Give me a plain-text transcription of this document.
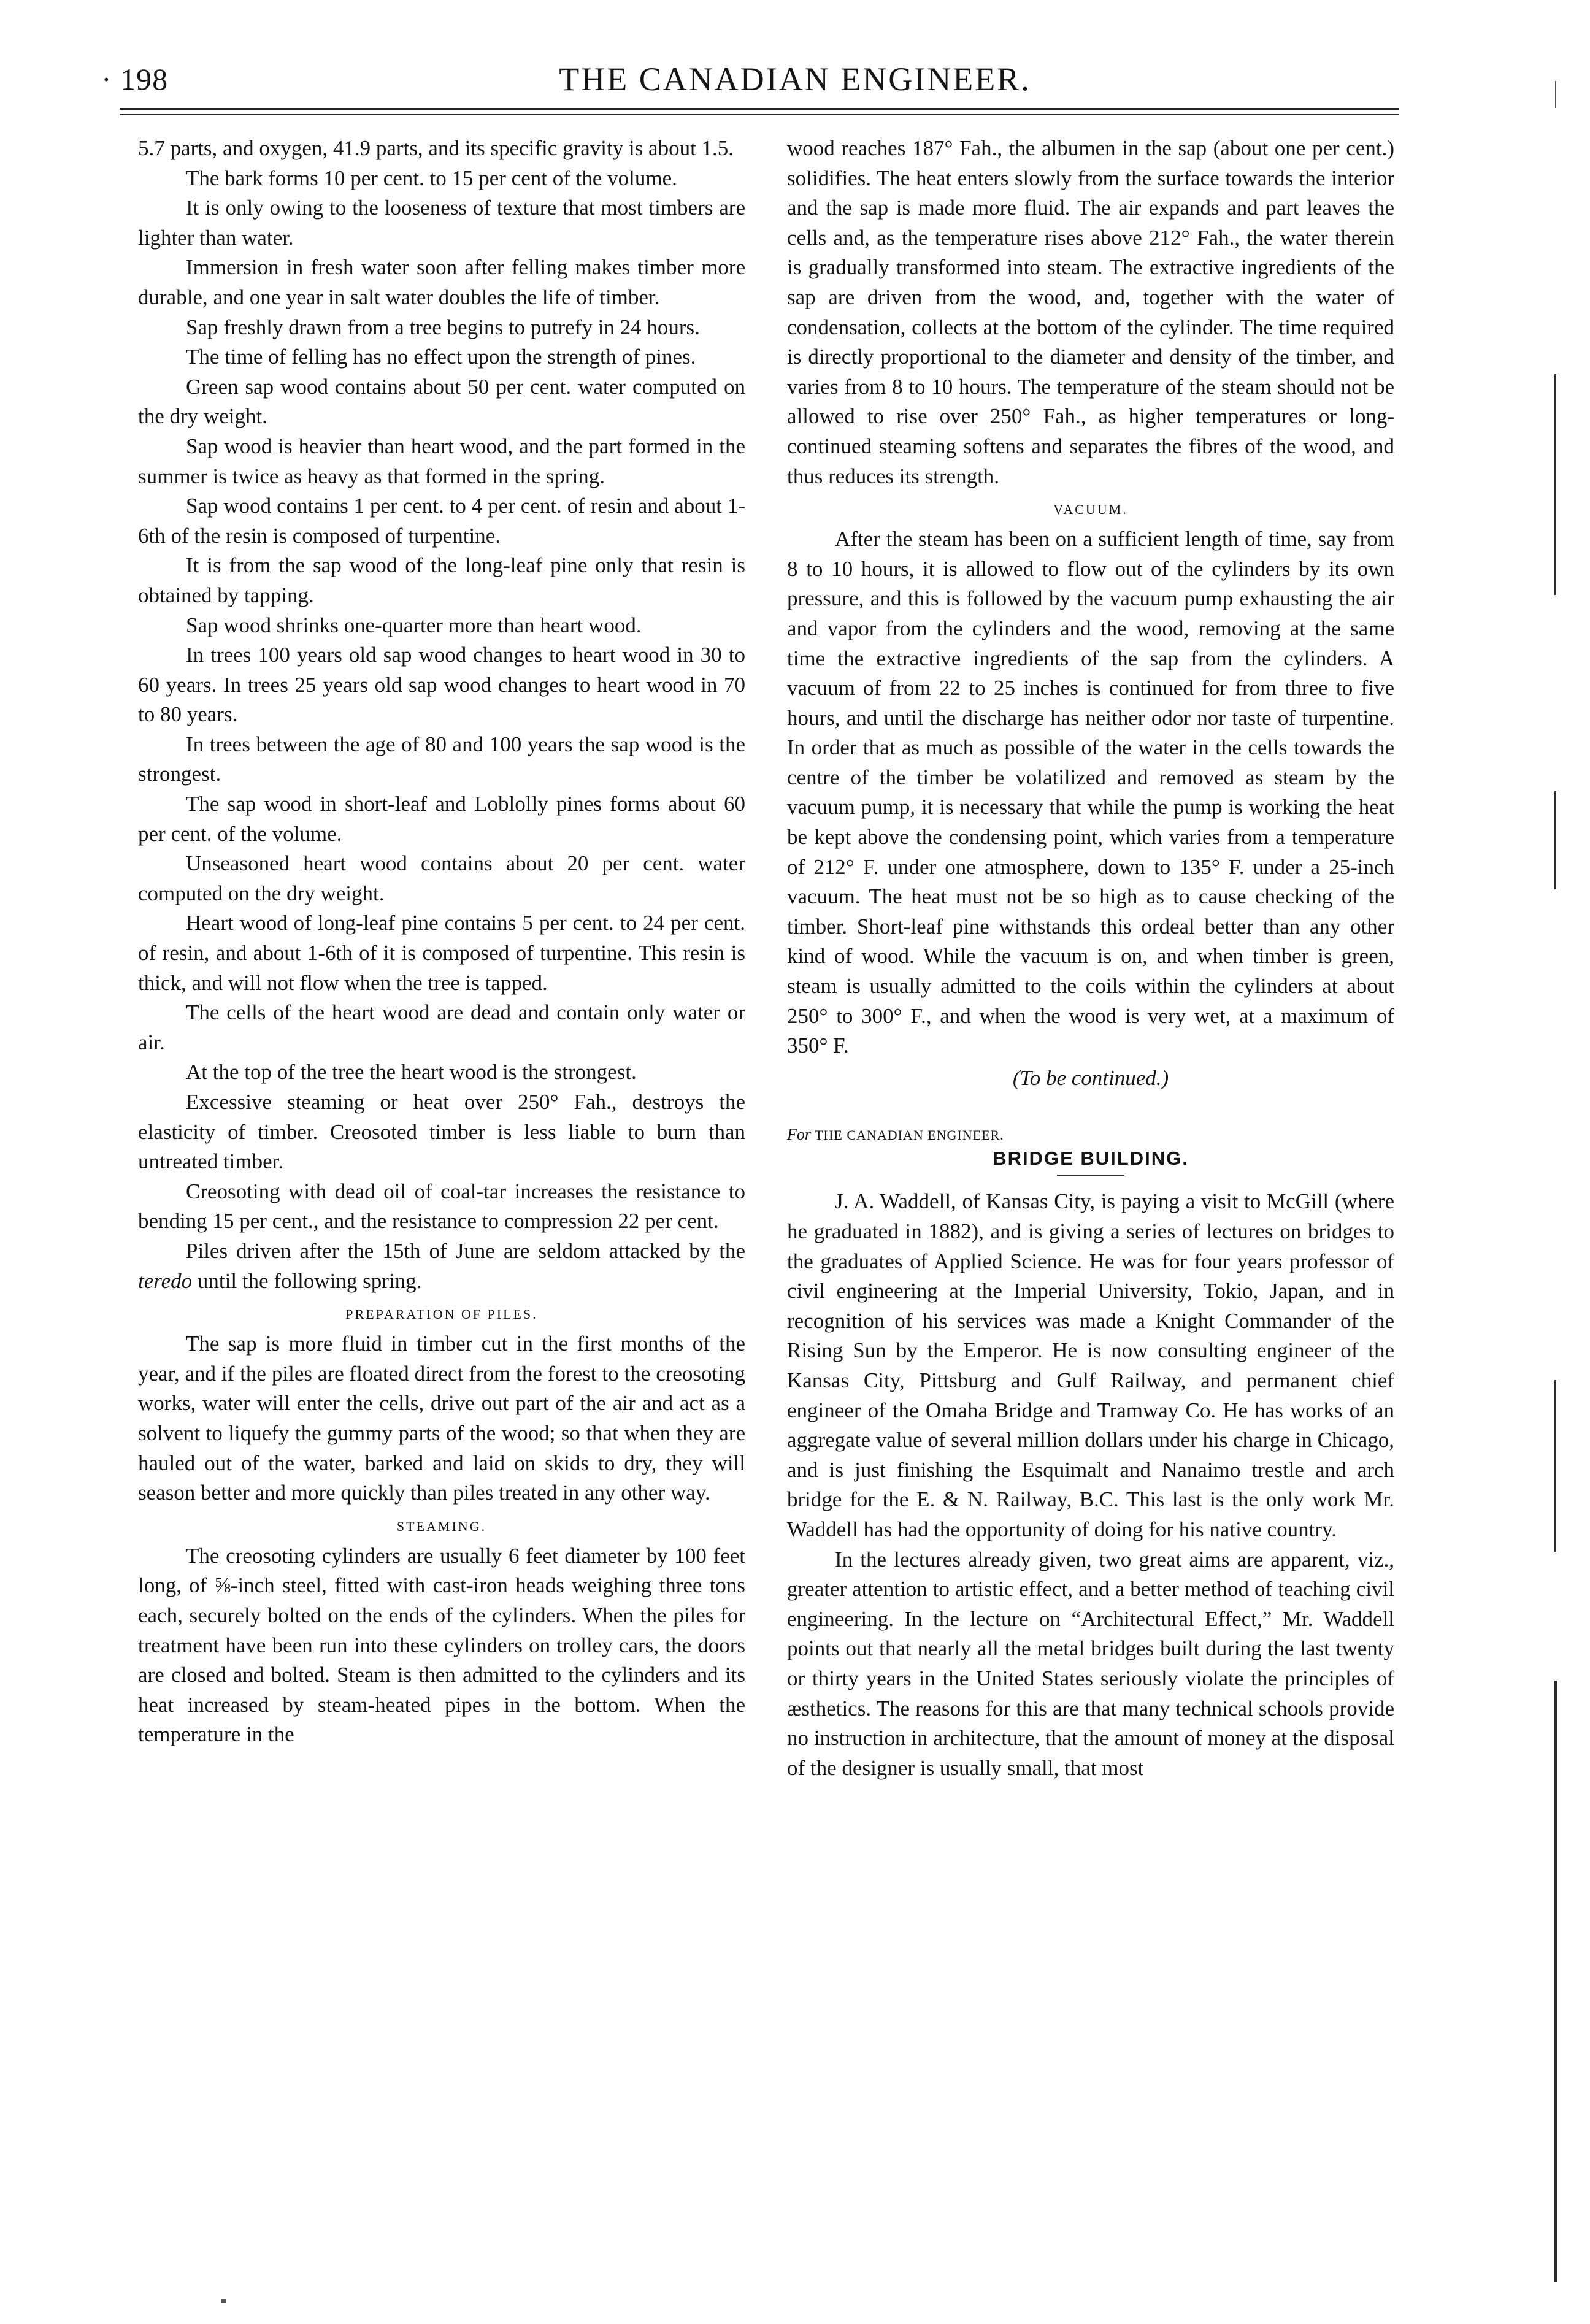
· 198	THE CANADIAN ENGINEER.

5.7 parts, and oxygen, 41.9 parts, and its specific gravity is about 1.5.

The bark forms 10 per cent. to 15 per cent of the volume.

It is only owing to the looseness of texture that most timbers are lighter than water.

Immersion in fresh water soon after felling makes timber more durable, and one year in salt water doubles the life of timber.

Sap freshly drawn from a tree begins to putrefy in 24 hours.

The time of felling has no effect upon the strength of pines.

Green sap wood contains about 50 per cent. water computed on the dry weight.

Sap wood is heavier than heart wood, and the part formed in the summer is twice as heavy as that formed in the spring.

Sap wood contains 1 per cent. to 4 per cent. of resin and about 1-6th of the resin is composed of turpentine.

It is from the sap wood of the long-leaf pine only that resin is obtained by tapping.

Sap wood shrinks one-quarter more than heart wood.

In trees 100 years old sap wood changes to heart wood in 30 to 60 years. In trees 25 years old sap wood changes to heart wood in 70 to 80 years.

In trees between the age of 80 and 100 years the sap wood is the strongest.

The sap wood in short-leaf and Loblolly pines forms about 60 per cent. of the volume.

Unseasoned heart wood contains about 20 per cent. water computed on the dry weight.

Heart wood of long-leaf pine contains 5 per cent. to 24 per cent. of resin, and about 1-6th of it is composed of turpentine. This resin is thick, and will not flow when the tree is tapped.

The cells of the heart wood are dead and contain only water or air.

At the top of the tree the heart wood is the strongest.

Excessive steaming or heat over 250° Fah., destroys the elasticity of timber. Creosoted timber is less liable to burn than untreated timber.

Creosoting with dead oil of coal-tar increases the resistance to bending 15 per cent., and the resistance to compression 22 per cent.

Piles driven after the 15th of June are seldom attacked by the teredo until the following spring.

PREPARATION OF PILES.

The sap is more fluid in timber cut in the first months of the year, and if the piles are floated direct from the forest to the creosoting works, water will enter the cells, drive out part of the air and act as a solvent to liquefy the gummy parts of the wood; so that when they are hauled out of the water, barked and laid on skids to dry, they will season better and more quickly than piles treated in any other way.

STEAMING.

The creosoting cylinders are usually 6 feet diameter by 100 feet long, of ⅝-inch steel, fitted with cast-iron heads weighing three tons each, securely bolted on the ends of the cylinders. When the piles for treatment have been run into these cylinders on trolley cars, the doors are closed and bolted. Steam is then admitted to the cylinders and its heat increased by steam-heated pipes in the bottom. When the temperature in the

wood reaches 187° Fah., the albumen in the sap (about one per cent.) solidifies. The heat enters slowly from the surface towards the interior and the sap is made more fluid. The air expands and part leaves the cells and, as the temperature rises above 212° Fah., the water therein is gradually transformed into steam. The extractive ingredients of the sap are driven from the wood, and, together with the water of condensation, collects at the bottom of the cylinder. The time required is directly proportional to the diameter and density of the timber, and varies from 8 to 10 hours. The temperature of the steam should not be allowed to rise over 250° Fah., as higher temperatures or long-continued steaming softens and separates the fibres of the wood, and thus reduces its strength.

VACUUM.

After the steam has been on a sufficient length of time, say from 8 to 10 hours, it is allowed to flow out of the cylinders by its own pressure, and this is followed by the vacuum pump exhausting the air and vapor from the cylinders and the wood, removing at the same time the extractive ingredients of the sap from the cylinders. A vacuum of from 22 to 25 inches is continued for from three to five hours, and until the discharge has neither odor nor taste of turpentine. In order that as much as possible of the water in the cells towards the centre of the timber be volatilized and removed as steam by the vacuum pump, it is necessary that while the pump is working the heat be kept above the condensing point, which varies from a temperature of 212° F. under one atmosphere, down to 135° F. under a 25-inch vacuum. The heat must not be so high as to cause checking of the timber. Short-leaf pine withstands this ordeal better than any other kind of wood. While the vacuum is on, and when timber is green, steam is usually admitted to the coils within the cylinders at about 250° to 300° F., and when the wood is very wet, at a maximum of 350° F.

(To be continued.)
For THE CANADIAN ENGINEER.
BRIDGE BUILDING.

J. A. Waddell, of Kansas City, is paying a visit to McGill (where he graduated in 1882), and is giving a series of lectures on bridges to the graduates of Applied Science. He was for four years professor of civil engineering at the Imperial University, Tokio, Japan, and in recognition of his services was made a Knight Commander of the Rising Sun by the Emperor. He is now consulting engineer of the Kansas City, Pittsburg and Gulf Railway, and permanent chief engineer of the Omaha Bridge and Tramway Co. He has works of an aggregate value of several million dollars under his charge in Chicago, and is just finishing the Esquimalt and Nanaimo trestle and arch bridge for the E. & N. Railway, B.C. This last is the only work Mr. Waddell has had the opportunity of doing for his native country.

In the lectures already given, two great aims are apparent, viz., greater attention to artistic effect, and a better method of teaching civil engineering. In the lecture on “Architectural Effect,” Mr. Waddell points out that nearly all the metal bridges built during the last twenty or thirty years in the United States seriously violate the principles of æsthetics. The reasons for this are that many technical schools provide no instruction in architecture, that the amount of money at the disposal of the designer is usually small, that most
